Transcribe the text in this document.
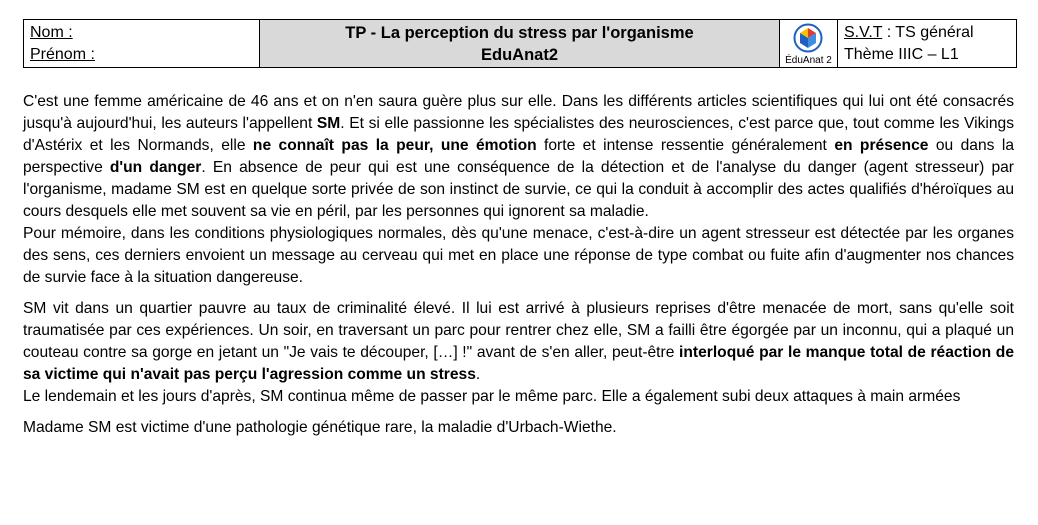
Nom :
Prénom :
TP - La perception du stress par l'organisme
EduAnat2	ÉduAnat 2
S.V.T : TS général
Thème IIIC – L1

C'est une femme américaine de 46 ans et on n'en saura guère plus sur elle. Dans les différents articles scientifiques qui lui ont été consacrés jusqu'à aujourd'hui, les auteurs l'appellent SM. Et si elle passionne les spécialistes des neurosciences, c'est parce que, tout comme les Vikings d'Astérix et les Normands, elle ne connaît pas la peur, une émotion forte et intense ressentie généralement en présence ou dans la perspective d'un danger. En absence de peur qui est une conséquence de la détection et de l'analyse du danger (agent stresseur) par l'organisme, madame SM est en quelque sorte privée de son instinct de survie, ce qui la conduit à accomplir des actes qualifiés d'héroïques au cours desquels elle met souvent sa vie en péril, par les personnes qui ignorent sa maladie.

Pour mémoire, dans les conditions physiologiques normales, dès qu'une menace, c'est-à-dire un agent stresseur est détectée par les organes des sens, ces derniers envoient un message au cerveau qui met en place une réponse de type combat ou fuite afin d'augmenter nos chances de survie face à la situation dangereuse.

SM vit dans un quartier pauvre au taux de criminalité élevé. Il lui est arrivé à plusieurs reprises d'être menacée de mort, sans qu'elle soit traumatisée par ces expériences. Un soir, en traversant un parc pour rentrer chez elle, SM a failli être égorgée par un inconnu, qui a plaqué un couteau contre sa gorge en jetant un "Je vais te découper, […] !" avant de s'en aller, peut-être interloqué par le manque total de réaction de sa victime qui n'avait pas perçu l'agression comme un stress.

Le lendemain et les jours d'après, SM continua même de passer par le même parc. Elle a également subi deux attaques à main armées

Madame SM est victime d'une pathologie génétique rare, la maladie d'Urbach-Wiethe.
